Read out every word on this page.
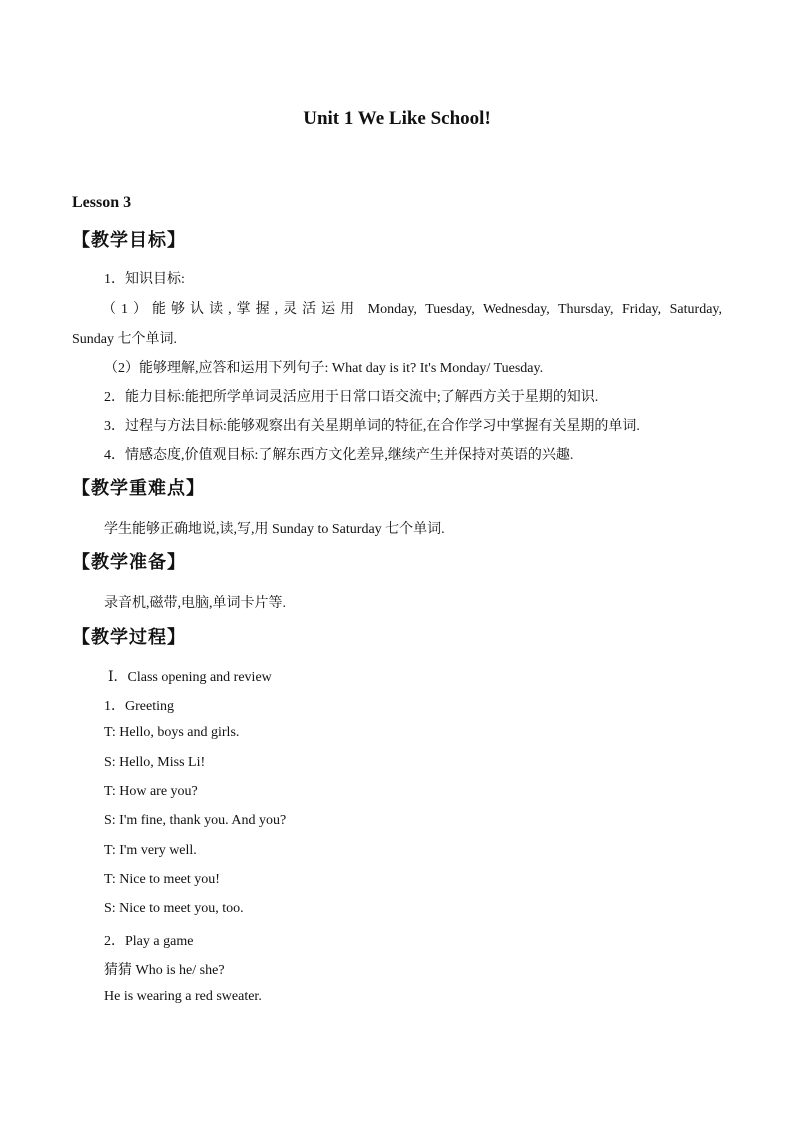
Unit 1 We Like School!
Lesson 3
【教学目标】
1．知识目标:
（1）能够认读,掌握,灵活运用 Monday, Tuesday, Wednesday, Thursday, Friday, Saturday,
Sunday 七个单词.
（2）能够理解,应答和运用下列句子: What day is it? It's Monday/ Tuesday.
2．能力目标:能把所学单词灵活应用于日常口语交流中;了解西方关于星期的知识.
3．过程与方法目标:能够观察出有关星期单词的特征,在合作学习中掌握有关星期的单词.
4．情感态度,价值观目标:了解东西方文化差异,继续产生并保持对英语的兴趣.
【教学重难点】
学生能够正确地说,读,写,用 Sunday to Saturday 七个单词.
【教学准备】
录音机,磁带,电脑,单词卡片等.
【教学过程】
Ⅰ．Class opening and review
1．Greeting
T: Hello, boys and girls.
S: Hello, Miss Li!
T: How are you?
S: I'm fine, thank you. And you?
T: I'm very well.
T: Nice to meet you!
S: Nice to meet you, too.
2．Play a game
猜猜 Who is he/ she?
He is wearing a red sweater.
